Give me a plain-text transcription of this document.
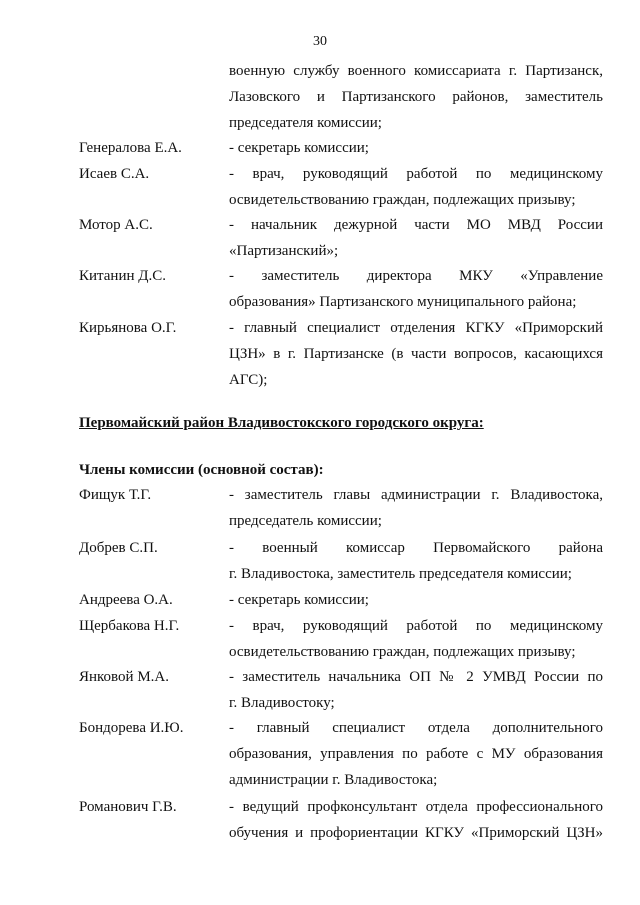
30
военную службу военного комиссариата г. Партизанск,
Лазовского и Партизанского районов, заместитель
председателя комиссии;
Генералова Е.А.	- секретарь комиссии;
Исаев С.А.	- врач, руководящий работой по медицинскому
освидетельствованию граждан, подлежащих призыву;
Мотор А.С.	- начальник дежурной части МО МВД России
«Партизанский»;
Китанин Д.С.	- заместитель директора МКУ «Управление
образования» Партизанского муниципального района;
Кирьянова О.Г.	- главный специалист отделения КГКУ «Приморский
ЦЗН» в г. Партизанске (в части вопросов, касающихся
АГС);
Первомайский район Владивостокского городского округа:
Члены комиссии (основной состав):
Фищук Т.Г.	- заместитель главы администрации г. Владивостока,
председатель комиссии;
Добрев С.П.	- военный комиссар Первомайского района
г. Владивостока, заместитель председателя комиссии;
Андреева О.А.	- секретарь комиссии;
Щербакова Н.Г.	- врач, руководящий работой по медицинскому
освидетельствованию граждан, подлежащих призыву;
Янковой М.А.	- заместитель начальника ОП № 2 УМВД России по
г. Владивостоку;
Бондорева И.Ю.	- главный специалист отдела дополнительного
образования, управления по работе с МУ образования
администрации г. Владивостока;
Романович Г.В.	- ведущий профконсультант отдела профессионального
обучения и профориентации КГКУ «Приморский ЦЗН»
